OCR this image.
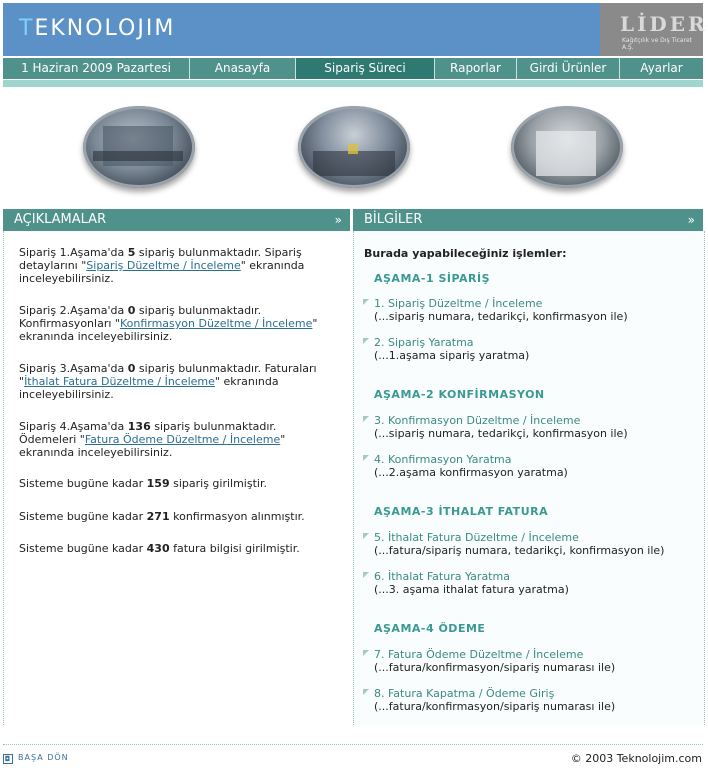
TEKNOLOJIM	LİDER
Kağıtçılık ve Dış Ticaret A.Ş.
1 Haziran 2009 Pazartesi	Anasayfa	Sipariş Süreci	Raporlar	Girdi Ürünler	Ayarlar
AÇIKLAMALAR	»	BİLGİLER	»
Sipariş 1.Aşama'da 5 sipariş bulunmaktadır. Sipariş detaylarını "Sipariş Düzeltme / İnceleme" ekranında inceleyebilirsiniz.
Sipariş 2.Aşama'da 0 sipariş bulunmaktadır. Konfirmasyonları "Konfirmasyon Düzeltme / İnceleme" ekranında inceleyebilirsiniz.
Sipariş 3.Aşama'da 0 sipariş bulunmaktadır. Faturaları "İthalat Fatura Düzeltme / İnceleme" ekranında inceleyebilirsiniz.
Sipariş 4.Aşama'da 136 sipariş bulunmaktadır. Ödemeleri "Fatura Ödeme Düzeltme / İnceleme" ekranında inceleyebilirsiniz.
Sisteme bugüne kadar 159 sipariş girilmiştir.
Sisteme bugüne kadar 271 konfirmasyon alınmıştır.
Sisteme bugüne kadar 430 fatura bilgisi girilmiştir.
Burada yapabileceğiniz işlemler:
AŞAMA-1 SİPARİŞ
1. Sipariş Düzeltme / İnceleme
(...sipariş numara, tedarikçi, konfirmasyon ile)
2. Sipariş Yaratma
(...1.aşama sipariş yaratma)
AŞAMA-2 KONFİRMASYON
3. Konfirmasyon Düzeltme / İnceleme
(...sipariş numara, tedarikçi, konfirmasyon ile)
4. Konfirmasyon Yaratma
(...2.aşama konfirmasyon yaratma)
AŞAMA-3 İTHALAT FATURA
5. İthalat Fatura Düzeltme / İnceleme
(...fatura/sipariş numara, tedarikçi, konfirmasyon ile)
6. İthalat Fatura Yaratma
(...3. aşama ithalat fatura yaratma)
AŞAMA-4 ÖDEME
7. Fatura Ödeme Düzeltme / İnceleme
(...fatura/konfirmasyon/sipariş numarası ile)
8. Fatura Kapatma / Ödeme Giriş
(...fatura/konfirmasyon/sipariş numarası ile)
◘ BAŞA DÖN	© 2003 Teknolojim.com
